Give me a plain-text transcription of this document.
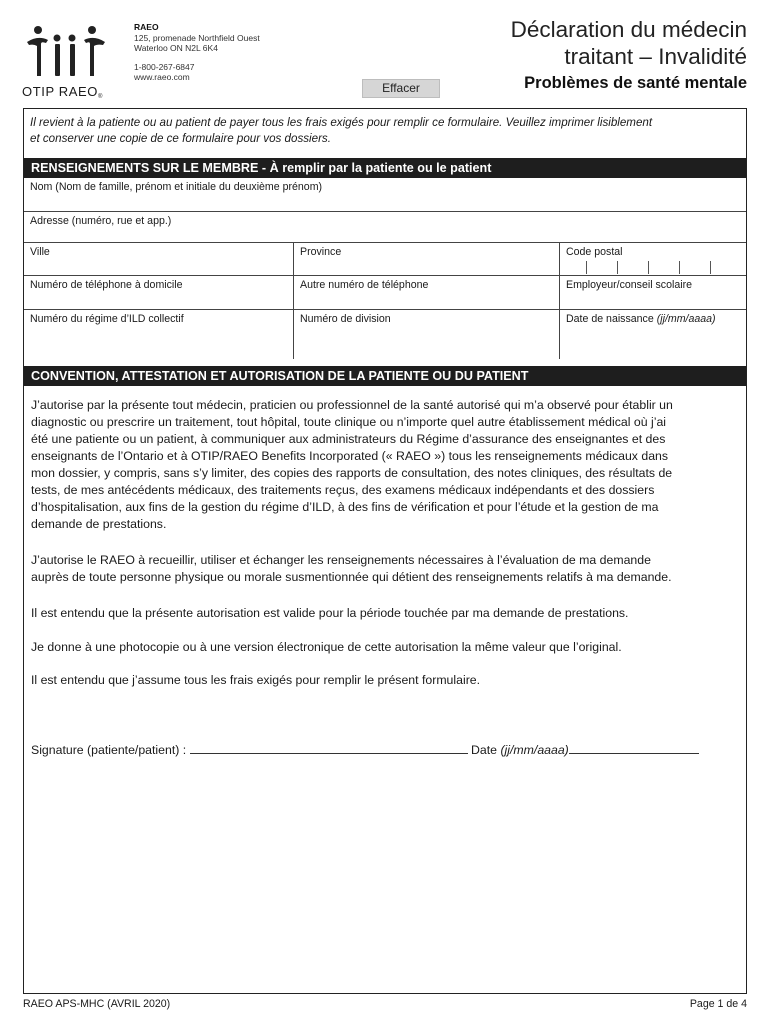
OTIP RAEO®
RAEO
125, promenade Northfield Ouest
Waterloo ON N2L 6K4
1-800-267-6847
www.raeo.com
Effacer
Déclaration du médecin
traitant – Invalidité
Problèmes de santé mentale
Il revient à la patiente ou au patient de payer tous les frais exigés pour remplir ce formulaire. Veuillez imprimer lisiblement
et conserver une copie de ce formulaire pour vos dossiers.
RENSEIGNEMENTS SUR LE MEMBRE - À remplir par la patiente ou le patient
Nom (Nom de famille, prénom et initiale du deuxième prénom)
Adresse (numéro, rue et app.)
Ville	Province	Code postal
Numéro de téléphone à domicile	Autre numéro de téléphone	Employeur/conseil scolaire
Numéro du régime d’ILD collectif	Numéro de division	Date de naissance (jj/mm/aaaa)
CONVENTION, ATTESTATION ET AUTORISATION DE LA PATIENTE OU DU PATIENT
J’autorise par la présente tout médecin, praticien ou professionnel de la santé autorisé qui m’a observé pour établir un
diagnostic ou prescrire un traitement, tout hôpital, toute clinique ou n’importe quel autre établissement médical où j’ai
été une patiente ou un patient, à communiquer aux administrateurs du Régime d’assurance des enseignantes et des
enseignants de l’Ontario et à OTIP/RAEO Benefits Incorporated (« RAEO ») tous les renseignements médicaux dans
mon dossier, y compris, sans s’y limiter, des copies des rapports de consultation, des notes cliniques, des résultats de
tests, de mes antécédents médicaux, des traitements reçus, des examens médicaux indépendants et des dossiers
d’hospitalisation, aux fins de la gestion du régime d’ILD, à des fins de vérification et pour l’étude et la gestion de ma
demande de prestations.
J’autorise le RAEO à recueillir, utiliser et échanger les renseignements nécessaires à l’évaluation de ma demande
auprès de toute personne physique ou morale susmentionnée qui détient des renseignements relatifs à ma demande.
Il est entendu que la présente autorisation est valide pour la période touchée par ma demande de prestations.
Je donne à une photocopie ou à une version électronique de cette autorisation la même valeur que l’original.
Il est entendu que j’assume tous les frais exigés pour remplir le présent formulaire.
Signature (patiente/patient) :	Date (jj/mm/aaaa)
RAEO APS-MHC (AVRIL 2020)	Page 1 de 4
